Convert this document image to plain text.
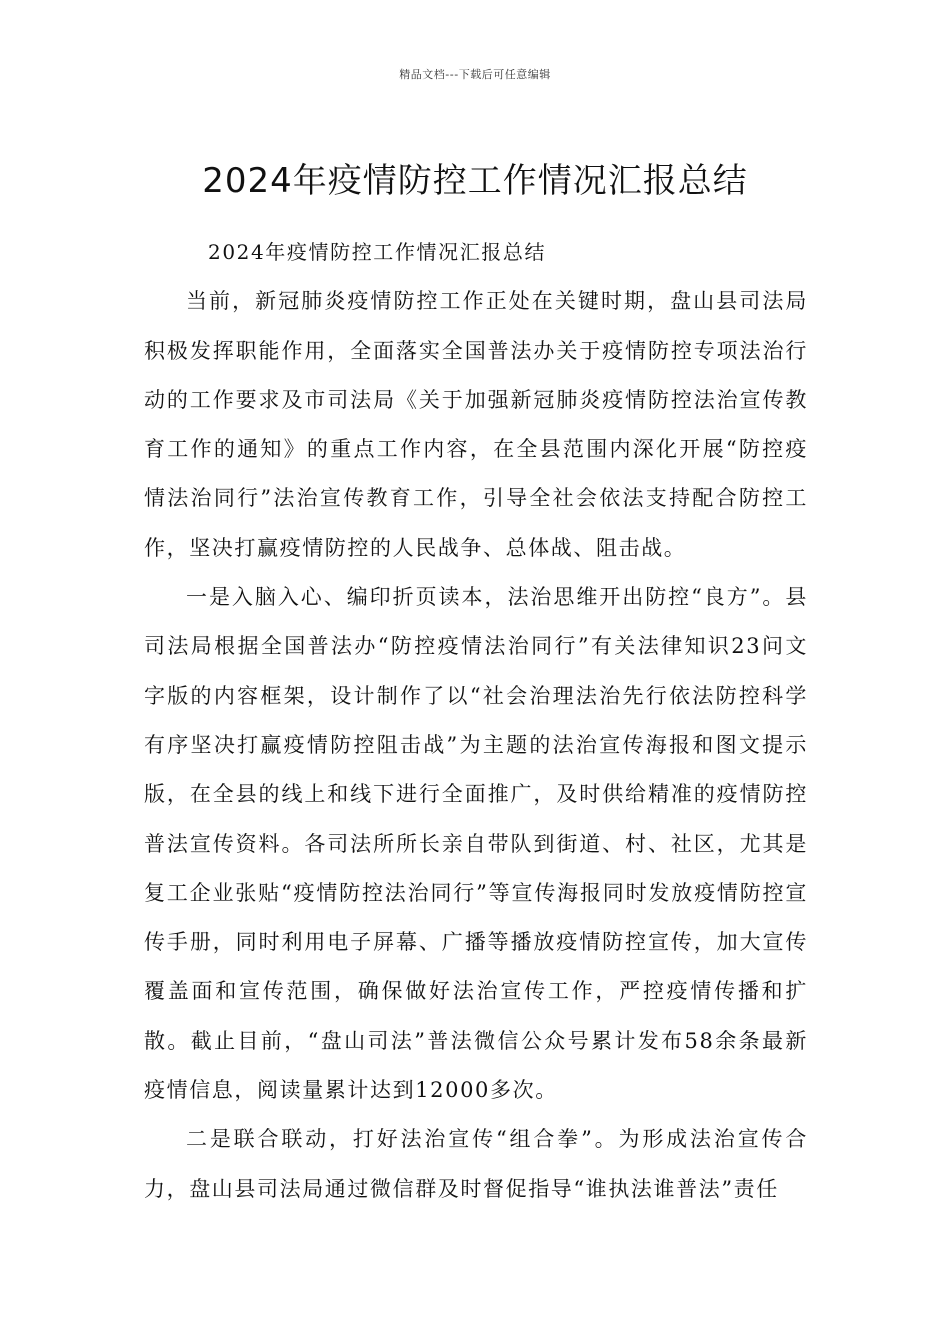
精品文档---下载后可任意编辑
2024年疫情防控工作情况汇报总结

2024年疫情防控工作情况汇报总结

当前，新冠肺炎疫情防控工作正处在关键时期，盘山县司法局积极发挥职能作用，全面落实全国普法办关于疫情防控专项法治行动的工作要求及市司法局《关于加强新冠肺炎疫情防控法治宣传教育工作的通知》的重点工作内容，在全县范围内深化开展“防控疫情法治同行”法治宣传教育工作，引导全社会依法支持配合防控工作，坚决打赢疫情防控的人民战争、总体战、阻击战。

一是入脑入心、编印折页读本，法治思维开出防控“良方”。县司法局根据全国普法办“防控疫情法治同行”有关法律知识23问文字版的内容框架，设计制作了以“社会治理法治先行依法防控科学有序坚决打赢疫情防控阻击战”为主题的法治宣传海报和图文提示版，在全县的线上和线下进行全面推广，及时供给精准的疫情防控普法宣传资料。各司法所所长亲自带队到街道、村、社区，尤其是复工企业张贴“疫情防控法治同行”等宣传海报同时发放疫情防控宣传手册，同时利用电子屏幕、广播等播放疫情防控宣传，加大宣传覆盖面和宣传范围，确保做好法治宣传工作，严控疫情传播和扩散。截止目前，“盘山司法”普法微信公众号累计发布58余条最新疫情信息，阅读量累计达到12000多次。

二是联合联动，打好法治宣传“组合拳”。为形成法治宣传合力，盘山县司法局通过微信群及时督促指导“谁执法谁普法”责任
